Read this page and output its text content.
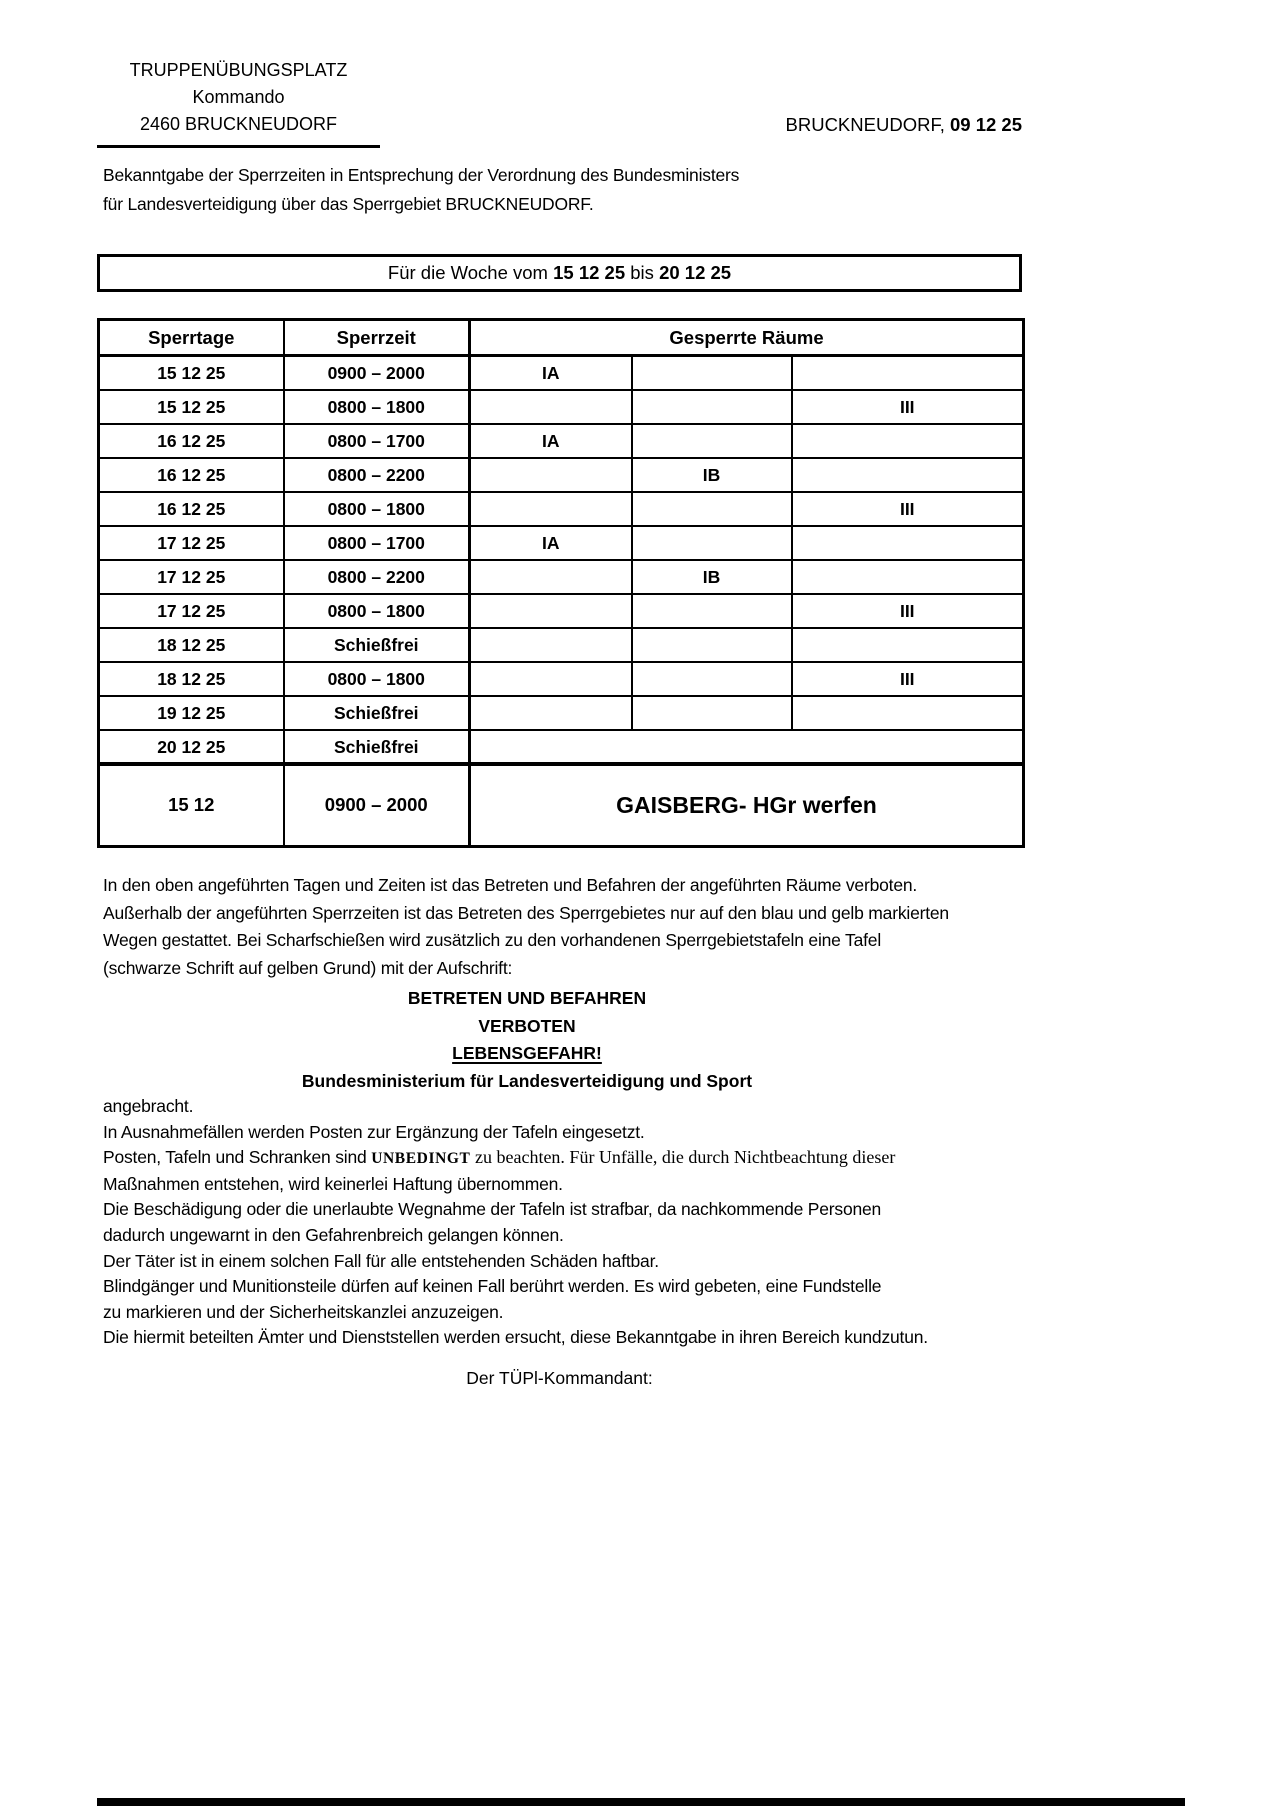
TRUPPENÜBUNGSPLATZ
Kommando
2460 BRUCKNEUDORF	BRUCKNEUDORF, 09 12 25
Bekanntgabe der Sperrzeiten in Entsprechung der Verordnung des Bundesministers
für Landesverteidigung über das Sperrgebiet BRUCKNEUDORF.
Für die Woche vom 15 12 25 bis 20 12 25
Sperrtage	Sperrzeit	Gesperrte Räume		
15 12 25	0900 – 2000	IA		
15 12 25	0800 – 1800			III
16 12 25	0800 – 1700	IA		
16 12 25	0800 – 2200		IB	
16 12 25	0800 – 1800			III
17 12 25	0800 – 1700	IA		
17 12 25	0800 – 2200		IB	
17 12 25	0800 – 1800			III
18 12 25	Schießfrei			
18 12 25	0800 – 1800			III
19 12 25	Schießfrei			
20 12 25	Schießfrei			
15 12	0900 – 2000	GAISBERG- HGr werfen
In den oben angeführten Tagen und Zeiten ist das Betreten und Befahren der angeführten Räume verboten.
Außerhalb der angeführten Sperrzeiten ist das Betreten des Sperrgebietes nur auf den blau und gelb markierten
Wegen gestattet. Bei Scharfschießen wird zusätzlich zu den vorhandenen Sperrgebietstafeln eine Tafel
(schwarze Schrift auf gelben Grund) mit der Aufschrift:
BETRETEN UND BEFAHREN
VERBOTEN
LEBENSGEFAHR!
Bundesministerium für Landesverteidigung und Sport
angebracht.
In Ausnahmefällen werden Posten zur Ergänzung der Tafeln eingesetzt.
Posten, Tafeln und Schranken sind UNBEDINGT zu beachten. Für Unfälle, die durch Nichtbeachtung dieser
Maßnahmen entstehen, wird keinerlei Haftung übernommen.
Die Beschädigung oder die unerlaubte Wegnahme der Tafeln ist strafbar, da nachkommende Personen
dadurch ungewarnt in den Gefahrenbreich gelangen können.
Der Täter ist in einem solchen Fall für alle entstehenden Schäden haftbar.
Blindgänger und Munitionsteile dürfen auf keinen Fall berührt werden. Es wird gebeten, eine Fundstelle
zu markieren und der Sicherheitskanzlei anzuzeigen.
Die hiermit beteilten Ämter und Dienststellen werden ersucht, diese Bekanntgabe in ihren Bereich kundzutun.
Der TÜPl-Kommandant:
